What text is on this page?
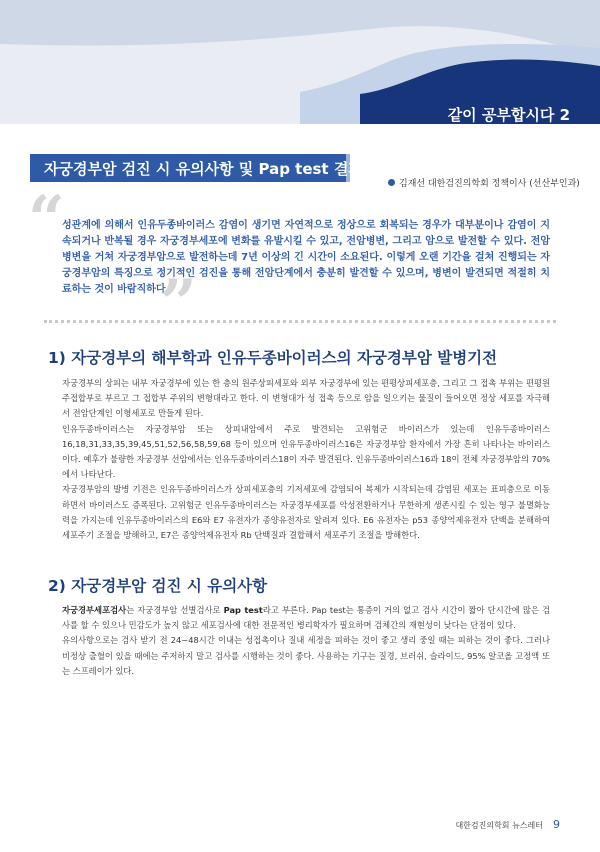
같이 공부합시다 2
자궁경부암 검진 시 유의사항 및 Pap test 결과 해석
김재선 대한검진의학회 정책이사 (선산부인과)
“
성관계에 의해서 인유두종바이러스 감염이 생기면 자연적으로 정상으로 회복되는 경우가 대부분이나 감염이 지속되거나 반복될 경우 자궁경부세포에 변화를 유발시킬 수 있고, 전암병변, 그리고 암으로 발전할 수 있다. 전암병변을 거쳐 자궁경부암으로 발전하는데 7년 이상의 긴 시간이 소요된다. 이렇게 오랜 기간을 걸쳐 진행되는 자궁경부암의 특징으로 정기적인 검진을 통해 전암단계에서 충분히 발견할 수 있으며, 병변이 발견되면 적절히 치료하는 것이 바람직하다.
”
1) 자궁경부의 해부학과 인유두종바이러스의 자궁경부암 발병기전

자궁경부의 상피는 내부 자궁경부에 있는 한 층의 원주상피세포와 외부 자궁경부에 있는 편평상피세포층, 그리고 그 접촉 부위는 편평원주접합부로 부르고 그 접합부 주위의 변형대라고 한다. 이 변형대가 성 접촉 등으로 암을 일으키는 물질이 들어오면 정상 세포를 자극해서 전암단계인 이형세포로 만들게 된다.

인유두종바이러스는 자궁경부암 또는 상피내암에서 주로 발견되는 고위험군 바이러스가 있는데 인유두종바이러스 16,18,31,33,35,39,45,51,52,56,58,59,68 등이 있으며 인유두종바이러스16은 자궁경부암 환자에서 가장 흔히 나타나는 바이러스이다. 예후가 불량한 자궁경부 선암에서는 인유두종바이러스18이 자주 발견된다. 인유두종바이러스16과 18이 전체 자궁경부암의 70%에서 나타난다.

자궁경부암의 발병 기전은 인유두종바이러스가 상피세포층의 기저세포에 감염되어 복제가 시작되는데 감염된 세포는 표피층으로 이동하면서 바이러스도 증폭된다. 고위험군 인유두종바이러스는 자궁경부세포를 악성전환하거나 무한하게 생존시킬 수 있는 영구 불멸화능력을 가지는데 인유두종바이러스의 E6와 E7 유전자가 종양유전자로 알려져 있다. E6 유전자는 p53 종양억제유전자 단백을 분해하여 세포주기 조절을 방해하고, E7은 종양억제유전자 Rb 단백질과 결합해서 세포주기 조절을 방해한다.

2) 자궁경부암 검진 시 유의사항

자궁경부세포검사는 자궁경부암 선별검사로 Pap test라고 부른다. Pap test는 통증이 거의 없고 검사 시간이 짧아 단시간에 많은 검사를 할 수 있으나 민감도가 높지 않고 세포검사에 대한 전문적인 병리학자가 필요하며 검체간의 재현성이 낮다는 단점이 있다.

유의사항으로는 검사 받기 전 24~48시간 이내는 성접촉이나 질내 세정을 피하는 것이 좋고 생리 중일 때는 피하는 것이 좋다. 그러나 비정상 출혈이 있을 때에는 주저하지 말고 검사를 시행하는 것이 좋다. 사용하는 기구는 질경, 브러쉬, 슬라이드, 95% 알코올 고정액 또는 스프레이가 있다.

대한검진의학회 뉴스레터 9
